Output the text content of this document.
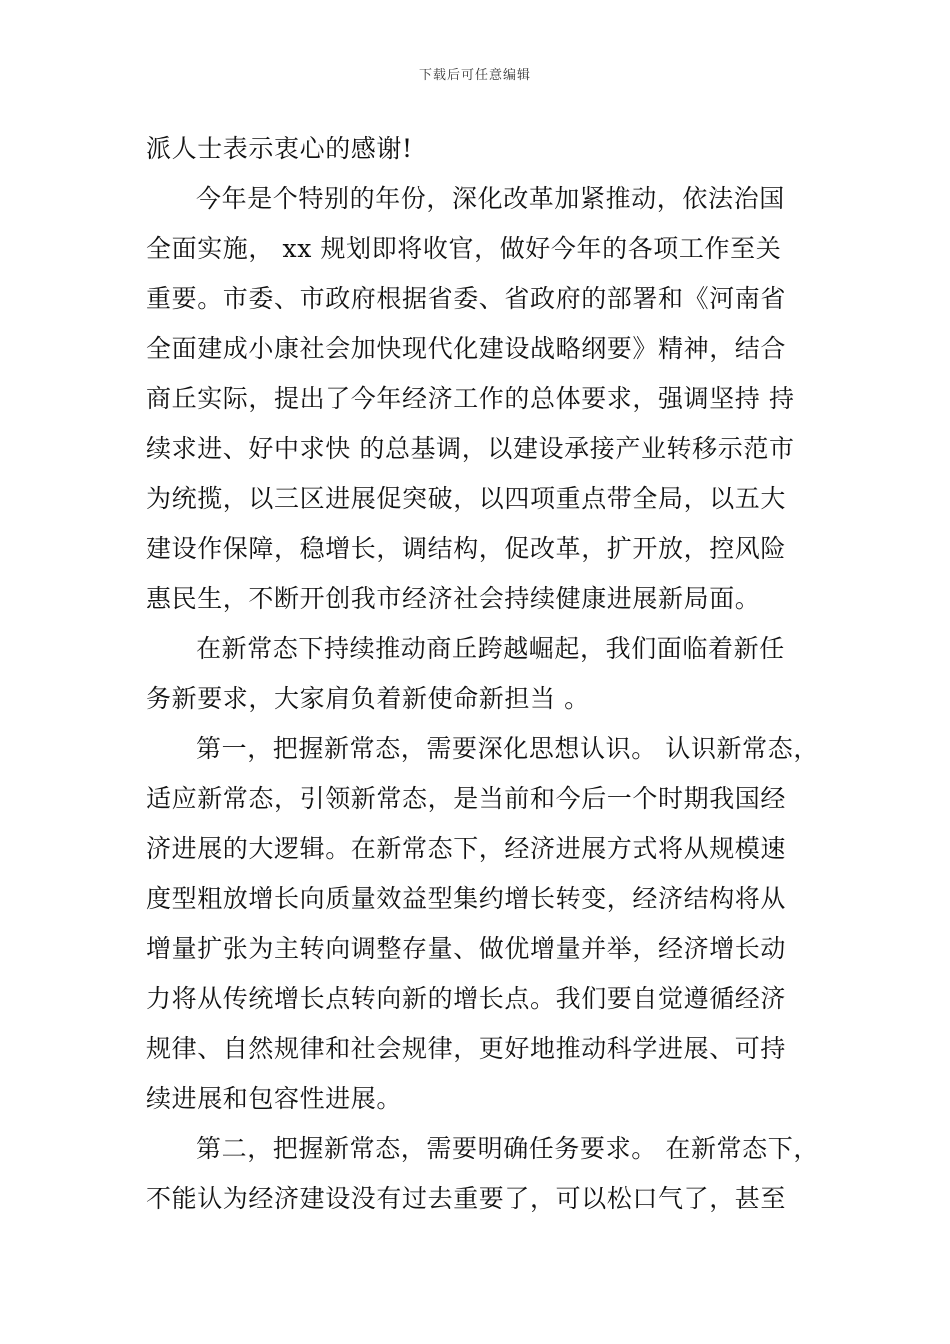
下载后可任意编辑
派人士表示衷心的感谢!
今年是个特别的年份，深化改革加紧推动，依法治国
全面实施， xx 规划即将收官，做好今年的各项工作至关
重要。市委、市政府根据省委、省政府的部署和《河南省
全面建成小康社会加快现代化建设战略纲要》精神，结合
商丘实际，提出了今年经济工作的总体要求，强调坚持 持
续求进、好中求快 的总基调，以建设承接产业转移示范市
为统揽，以三区进展促突破，以四项重点带全局，以五大
建设作保障，稳增长，调结构，促改革，扩开放，控风险
惠民生，不断开创我市经济社会持续健康进展新局面。
在新常态下持续推动商丘跨越崛起，我们面临着新任
务新要求，大家肩负着新使命新担当 。
第一，把握新常态，需要深化思想认识。 认识新常态，
适应新常态，引领新常态，是当前和今后一个时期我国经
济进展的大逻辑。在新常态下，经济进展方式将从规模速
度型粗放增长向质量效益型集约增长转变，经济结构将从
增量扩张为主转向调整存量、做优增量并举，经济增长动
力将从传统增长点转向新的增长点。我们要自觉遵循经济
规律、自然规律和社会规律，更好地推动科学进展、可持
续进展和包容性进展。
第二，把握新常态，需要明确任务要求。 在新常态下，
不能认为经济建设没有过去重要了，可以松口气了，甚至
